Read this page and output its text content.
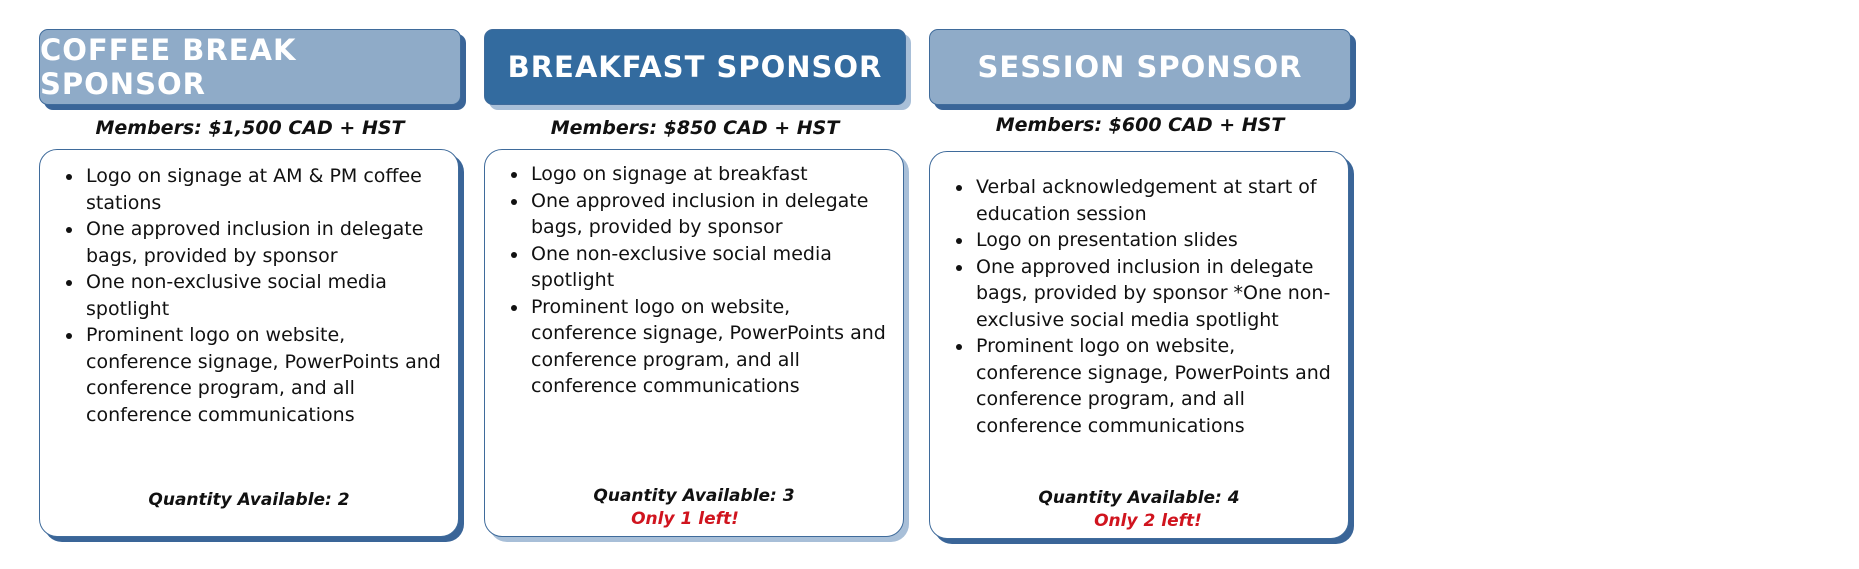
COFFEE BREAK SPONSOR
Members: $1,500 CAD + HST
• Logo on signage at AM & PM coffee stations
• One approved inclusion in delegate bags, provided by sponsor
• One non-exclusive social media spotlight
• Prominent logo on website, conference signage, PowerPoints and conference program, and all conference communications
Quantity Available: 2
BREAKFAST SPONSOR
Members: $850 CAD + HST
• Logo on signage at breakfast
• One approved inclusion in delegate bags, provided by sponsor
• One non-exclusive social media spotlight
• Prominent logo on website, conference signage, PowerPoints and conference program, and all conference communications
Quantity Available: 3
Only 1 left!
SESSION SPONSOR
Members: $600 CAD + HST
• Verbal acknowledgement at start of education session
• Logo on presentation slides
• One approved inclusion in delegate bags, provided by sponsor *One non-exclusive social media spotlight
• Prominent logo on website, conference signage, PowerPoints and conference program, and all conference communications
Quantity Available: 4
Only 2 left!
